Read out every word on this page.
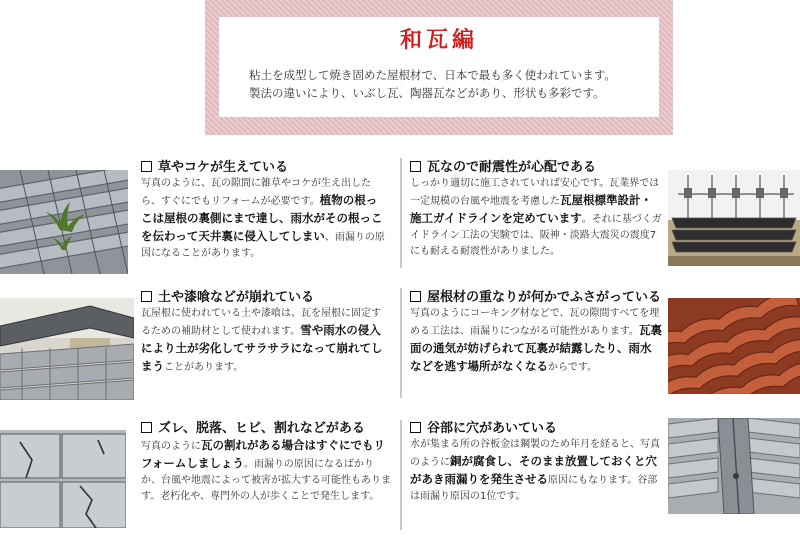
和瓦編
粘土を成型して焼き固めた屋根材で、日本で最も多く使われています。
製法の違いにより、いぶし瓦、陶器瓦などがあり、形状も多彩です。
草やコケが生えている
写真のように、瓦の隙間に雑草やコケが生え出したら、すぐにでもリフォームが必要です。植物の根っこは屋根の裏側にまで達し、雨水がその根っこを伝わって天井裏に侵入してしまい、雨漏りの原因になることがあります。
瓦なので耐震性が心配である
しっかり適切に施工されていれば安心です。瓦業界では一定規模の台風や地震を考慮した瓦屋根標準設計・施工ガイドラインを定めています。それに基づくガイドライン工法の実験では、阪神・淡路大震災の震度7にも耐える耐震性がありました。
土や漆喰などが崩れている
瓦屋根に使われている土や漆喰は、瓦を屋根に固定するための補助材として使われます。雪や雨水の侵入により土が劣化してサラサラになって崩れてしまうことがあります。
屋根材の重なりが何かでふさがっている
写真のようにコーキング材などで、瓦の隙間すべてを埋める工法は、雨漏りにつながる可能性があります。瓦裏面の通気が妨げられて瓦裏が結露したり、雨水などを逃す場所がなくなるからです。
ズレ、脱落、ヒビ、割れなどがある
写真のように瓦の割れがある場合はすぐにでもリフォームしましょう。雨漏りの原因になるばかりか、台風や地震によって被害が拡大する可能性もあります。老朽化や、専門外の人が歩くことで発生します。
谷部に穴があいている
水が集まる所の谷板金は鋼製のため年月を経ると、写真のように銅が腐食し、そのまま放置しておくと穴があき雨漏りを発生させる原因にもなります。谷部は雨漏り原因の1位です。
